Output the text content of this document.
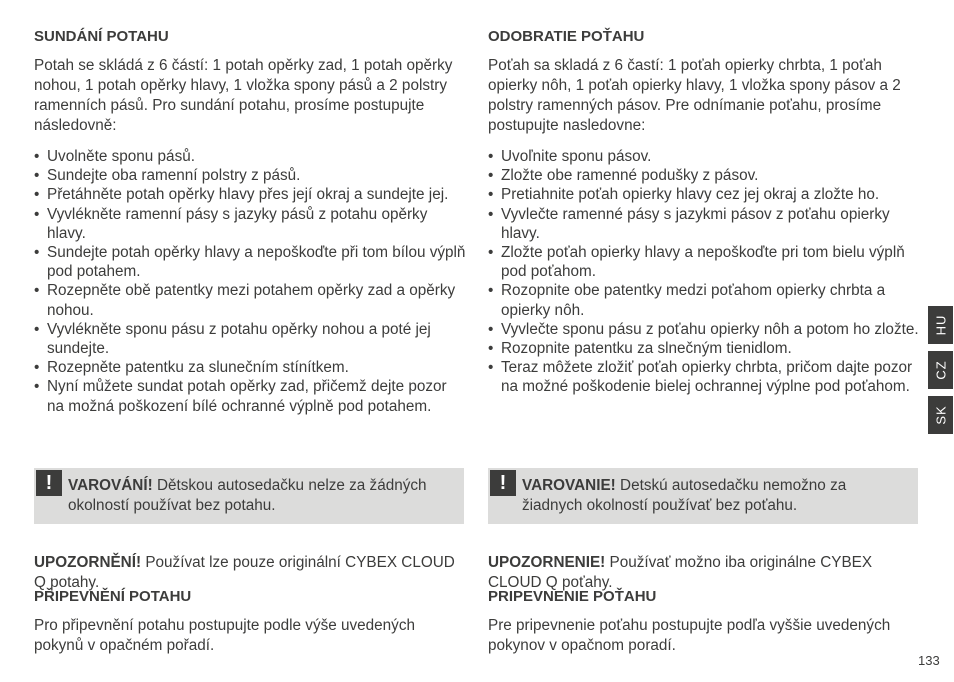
SUNDÁNÍ POTAHU

Potah se skládá z 6 částí: 1 potah opěrky zad, 1 potah opěrky nohou, 1 potah opěrky hlavy, 1 vložka spony pásů a 2 polstry ramenních pásů. Pro sundání potahu, prosíme postupujte následovně:

• Uvolněte sponu pásů.
• Sundejte oba ramenní polstry z pásů.
• Přetáhněte potah opěrky hlavy přes její okraj a sundejte jej.
• Vyvlékněte ramenní pásy s jazyky pásů z potahu opěrky hlavy.
• Sundejte potah opěrky hlavy a nepoškoďte při tom bílou výplň pod potahem.
• Rozepněte obě patentky mezi potahem opěrky zad a opěrky nohou.
• Vyvlékněte sponu pásu z potahu opěrky nohou a poté jej sundejte.
• Rozepněte patentku za slunečním stínítkem.
• Nyní můžete sundat potah opěrky zad, přičemž dejte pozor na možná poškození bílé ochranné výplně pod potahem.
!	VAROVÁNÍ! Dětskou autosedačku nelze za žádných okolností používat bez potahu.

UPOZORNĚNÍ! Používat lze pouze originální CYBEX CLOUD Q potahy.

PŘIPEVNĚNÍ POTAHU

Pro připevnění potahu postupujte podle výše uvedených pokynů v opačném pořadí.

ODOBRATIE POŤAHU

Poťah sa skladá z 6 častí: 1 poťah opierky chrbta, 1 poťah opierky nôh, 1 poťah opierky hlavy, 1 vložka spony pásov a 2 polstry ramenných pásov. Pre odnímanie poťahu, prosíme postupujte nasledovne:

• Uvoľnite sponu pásov.
• Zložte obe ramenné podušky z pásov.
• Pretiahnite poťah opierky hlavy cez jej okraj a zložte ho.
• Vyvlečte ramenné pásy s jazykmi pásov z poťahu opierky hlavy.
• Zložte poťah opierky hlavy a nepoškoďte pri tom bielu výplň pod poťahom.
• Rozopnite obe patentky medzi poťahom opierky chrbta a opierky nôh.
• Vyvlečte sponu pásu z poťahu opierky nôh a potom ho zložte.
• Rozopnite patentku za slnečným tienidlom.
• Teraz môžete zložiť poťah opierky chrbta, pričom dajte pozor na možné poškodenie bielej ochrannej výplne pod poťahom.
!	VAROVANIE! Detskú autosedačku nemožno za žiadnych okolností používať bez poťahu.

UPOZORNENIE! Používať možno iba originálne CYBEX CLOUD Q poťahy.

PRIPEVNENIE POŤAHU

Pre pripevnenie poťahu postupujte podľa vyššie uvedených pokynov v opačnom poradí.

HU
CZ
SK
133
